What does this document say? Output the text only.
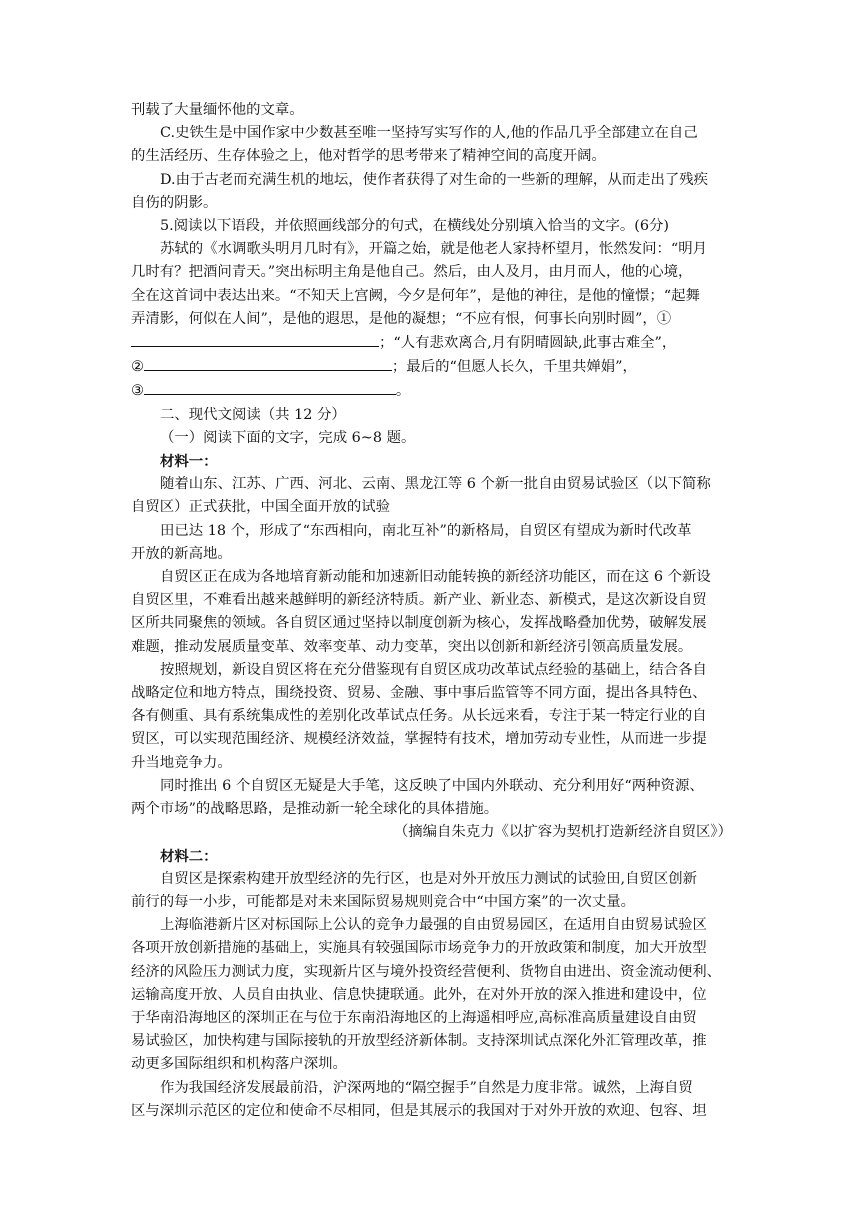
刊载了大量缅怀他的文章。

C.史铁生是中国作家中少数甚至唯一坚持写实写作的人,他的作品几乎全部建立在自己

的生活经历、生存体验之上，他对哲学的思考带来了精神空间的高度开阔。

D.由于古老而充满生机的地坛，使作者获得了对生命的一些新的理解，从而走出了残疾

自伤的阴影。

5.阅读以下语段，并依照画线部分的句式，在横线处分别填入恰当的文字。(6分)

苏轼的《水调歌头明月几时有》，开篇之始，就是他老人家持杯望月，怅然发问：“明月

几时有？把酒问青天。”突出标明主角是他自己。然后，由人及月，由月而人，他的心境，

全在这首词中表达出来。“不知天上宫阙，今夕是何年”，是他的神往，是他的憧憬；“起舞

弄清影，何似在人间”，是他的遐思，是他的凝想；“不应有恨，何事长向别时圆”，①

；“人有悲欢离合,月有阴晴圆缺,此事古难全”，

②	；最后的“但愿人长久，千里共婵娟”，

③	。

二、现代文阅读（共 12 分）

（一）阅读下面的文字，完成 6~8 题。

材料一：

随着山东、江苏、广西、河北、云南、黑龙江等 6 个新一批自由贸易试验区（以下简称

自贸区）正式获批，中国全面开放的试验

田已达 18 个，形成了“东西相向，南北互补”的新格局，自贸区有望成为新时代改革

开放的新高地。

自贸区正在成为各地培育新动能和加速新旧动能转换的新经济功能区，而在这 6 个新设

自贸区里，不难看出越来越鲜明的新经济特质。新产业、新业态、新模式，是这次新设自贸

区所共同聚焦的领域。各自贸区通过坚持以制度创新为核心，发挥战略叠加优势，破解发展

难题，推动发展质量变革、效率变革、动力变革，突出以创新和新经济引领高质量发展。

按照规划，新设自贸区将在充分借鉴现有自贸区成功改革试点经验的基础上，结合各自

战略定位和地方特点，围绕投资、贸易、金融、事中事后监管等不同方面，提出各具特色、

各有侧重、具有系统集成性的差别化改革试点任务。从长远来看，专注于某一特定行业的自

贸区，可以实现范围经济、规模经济效益，掌握特有技术，增加劳动专业性，从而进一步提

升当地竞争力。

同时推出 6 个自贸区无疑是大手笔，这反映了中国内外联动、充分利用好“两种资源、

两个市场”的战略思路，是推动新一轮全球化的具体措施。

（摘编自朱克力《以扩容为契机打造新经济自贸区》）

材料二：

自贸区是探索构建开放型经济的先行区，也是对外开放压力测试的试验田,自贸区创新

前行的每一小步，可能都是对未来国际贸易规则竞合中“中国方案”的一次丈量。

上海临港新片区对标国际上公认的竞争力最强的自由贸易园区，在适用自由贸易试验区

各项开放创新措施的基础上，实施具有较强国际市场竞争力的开放政策和制度，加大开放型

经济的风险压力测试力度，实现新片区与境外投资经营便利、货物自由进出、资金流动便利、

运输高度开放、人员自由执业、信息快捷联通。此外，在对外开放的深入推进和建设中，位

于华南沿海地区的深圳正在与位于东南沿海地区的上海遥相呼应,高标准高质量建设自由贸

易试验区，加快构建与国际接轨的开放型经济新体制。支持深圳试点深化外汇管理改革，推

动更多国际组织和机构落户深圳。

作为我国经济发展最前沿，沪深两地的“隔空握手”自然是力度非常。诚然，上海自贸

区与深圳示范区的定位和使命不尽相同，但是其展示的我国对于对外开放的欢迎、包容、坦
